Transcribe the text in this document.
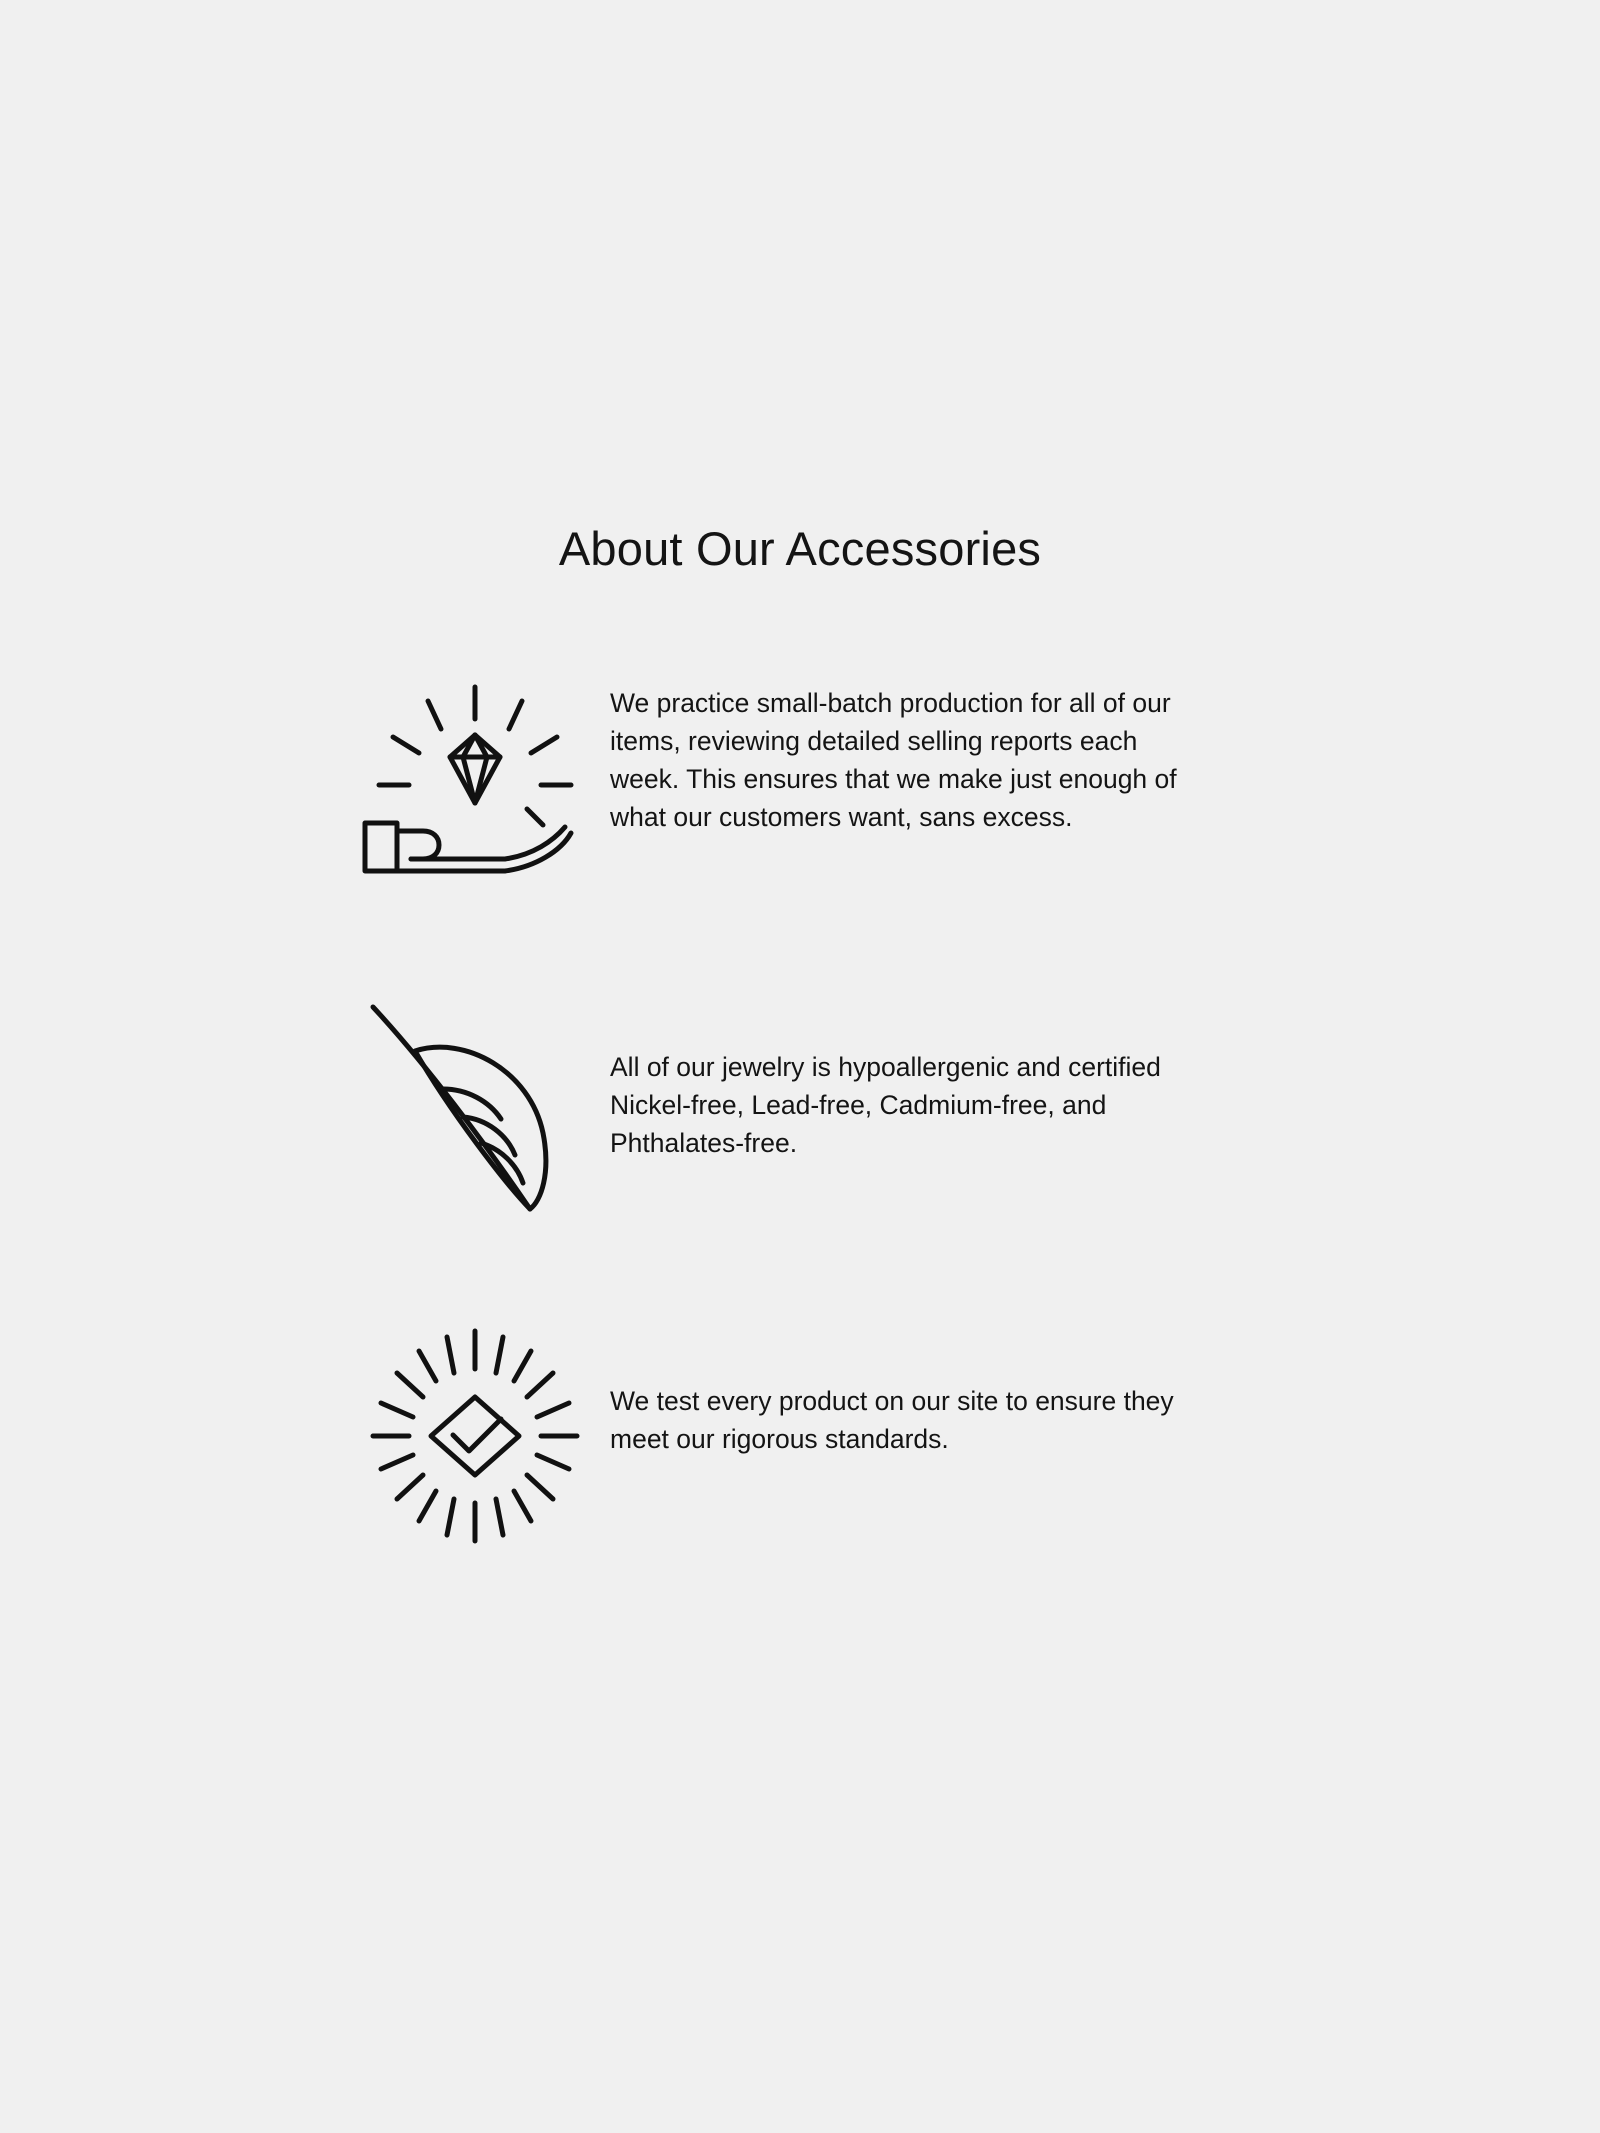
About Our Accessories
We practice small-batch production for all of our items, reviewing detailed selling reports each week. This ensures that we make just enough of what our customers want, sans excess.
All of our jewelry is hypoallergenic and certified Nickel-free, Lead-free, Cadmium-free, and Phthalates-free.
We test every product on our site to ensure they meet our rigorous standards.
